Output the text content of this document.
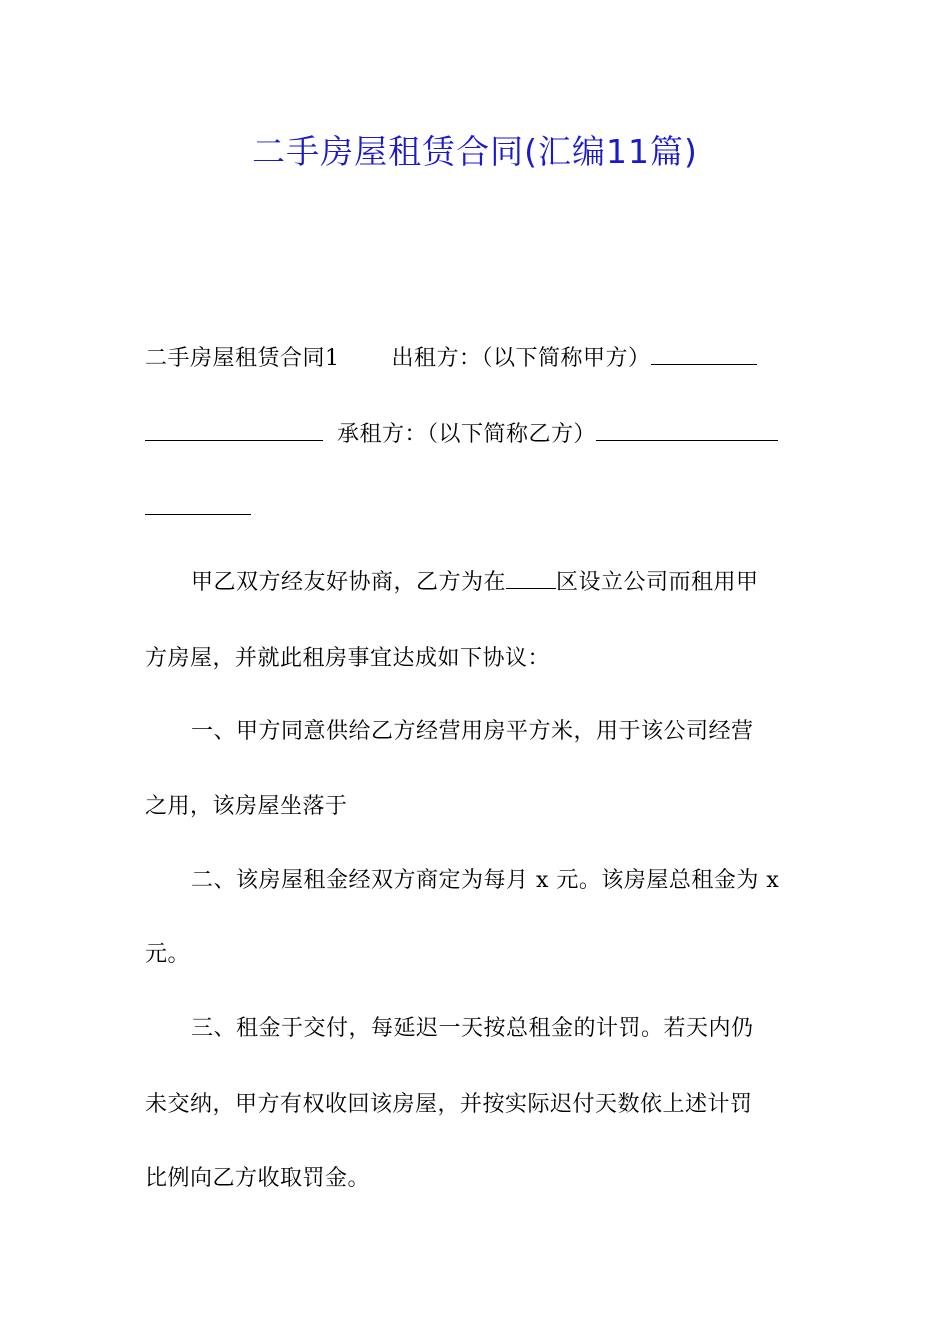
二手房屋租赁合同(汇编11篇)
二手房屋租赁合同1 出租方：（以下简称甲方）
承租方：（以下简称乙方）
甲乙双方经友好协商，乙方为在 区设立公司而租用甲
方房屋，并就此租房事宜达成如下协议：
一、甲方同意供给乙方经营用房平方米，用于该公司经营
之用，该房屋坐落于
二、该房屋租金经双方商定为每月 x 元。该房屋总租金为 x
元。
三、租金于交付，每延迟一天按总租金的计罚。若天内仍
未交纳，甲方有权收回该房屋，并按实际迟付天数依上述计罚
比例向乙方收取罚金。
